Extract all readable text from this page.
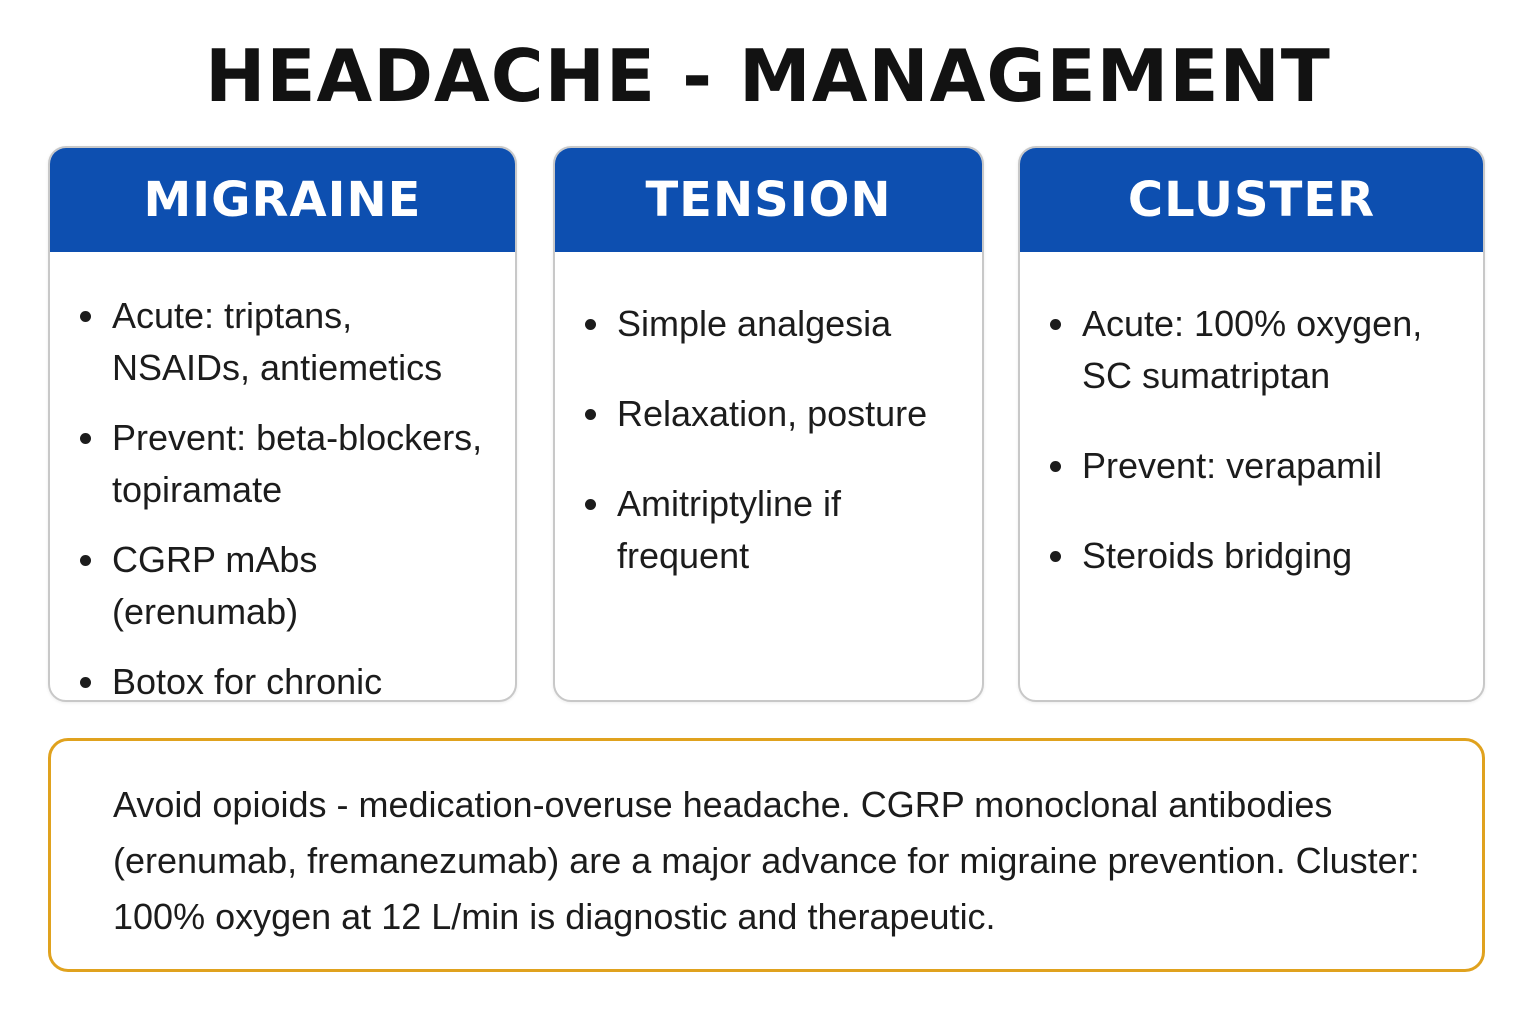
HEADACHE - MANAGEMENT
MIGRAINE
Acute: triptans, NSAIDs, antiemetics
Prevent: beta-blockers, topiramate
CGRP mAbs (erenumab)
Botox for chronic
TENSION
Simple analgesia
Relaxation, posture
Amitriptyline if frequent
CLUSTER
Acute: 100% oxygen, SC sumatriptan
Prevent: verapamil
Steroids bridging

Avoid opioids - medication-overuse headache. CGRP monoclonal antibodies (erenumab, fremanezumab) are a major advance for migraine prevention. Cluster: 100% oxygen at 12 L/min is diagnostic and therapeutic.
